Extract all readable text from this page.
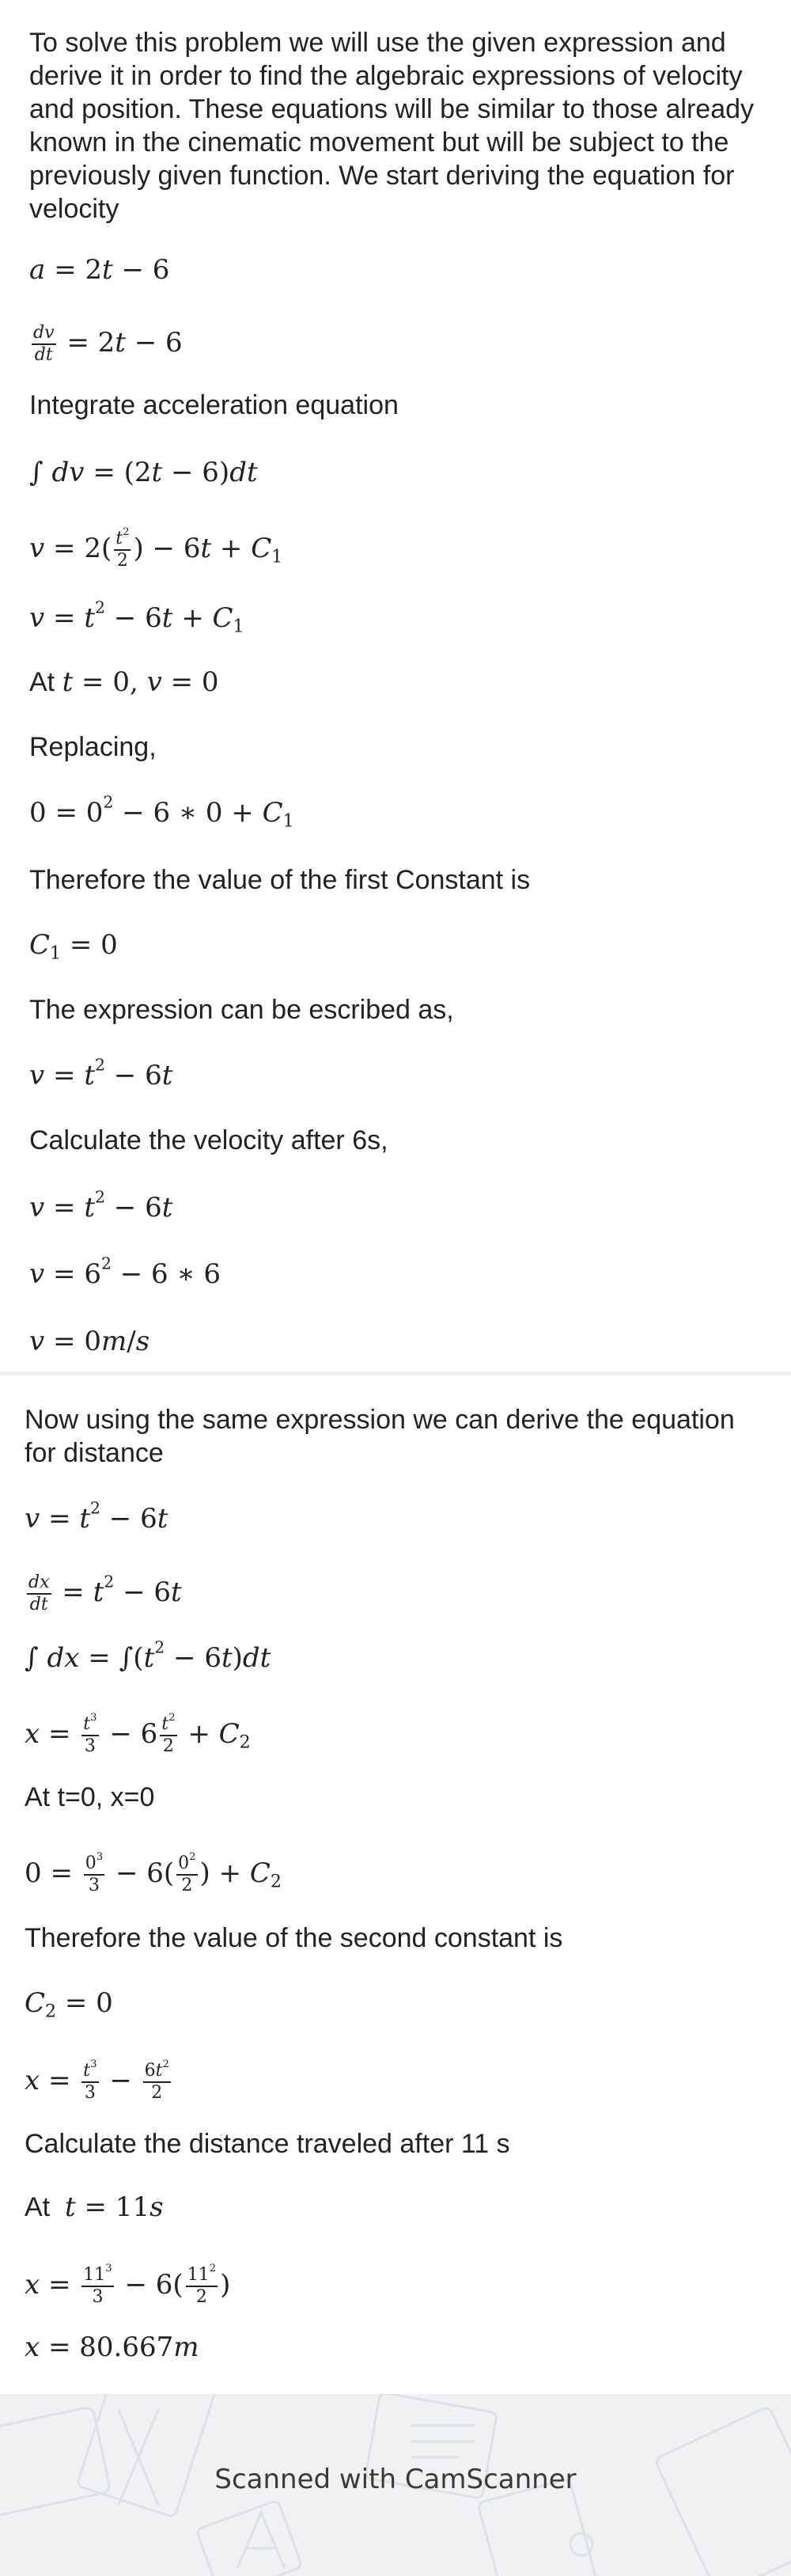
To solve this problem we will use the given expression and derive it in order to find the algebraic expressions of velocity and position. These equations will be similar to those already known in the cinematic movement but will be subject to the previously given function. We start deriving the equation for velocity
a = 2t − 6
$\frac{dv}{dt} = 2t - 6$
Integrate acceleration equation
∫ dv = (2t − 6)dt
$v = 2( \frac{t^2}{2}$ ) − $6t + C_1$
$v = t^2 - 6t + C_1$
At t = 0, v = 0
Replacing,
$0 = 0^2 - 6$ ∗ $0 + C_1$
Therefore the value of the first Constant is
$C_1 = 0$
The expression can be escribed as,
$v = t^2 - 6t$
Calculate the velocity after 6s,
$v = t^2 - 6t$
$v = 6^2 - 6$ ∗ 6
v = 0m/s
Now using the same expression we can derive the equation for distance
$v = t^2 - 6t$
$\frac{dx}{dt} = t^2 - 6t$
∫ dx = $\int(t^2 - 6t)dt$
$x = \frac{t^3}{3} - 6 \frac{t^2}{2} + C_2$
At t=0, x=0
$0 = \frac{0^3}{3} - 6( \frac{0^2}{2}$ ) + $C_2$
Therefore the value of the second constant is
$C_2 = 0$
$x = \frac{t^3}{3} - \frac{6t^2}{2}$
Calculate the distance traveled after 11 s
At t = 11s
$x = \frac{11^3}{3} - 6( \frac{11^2}{2}$ )
x = 80.667m
Scanned with CamScanner
